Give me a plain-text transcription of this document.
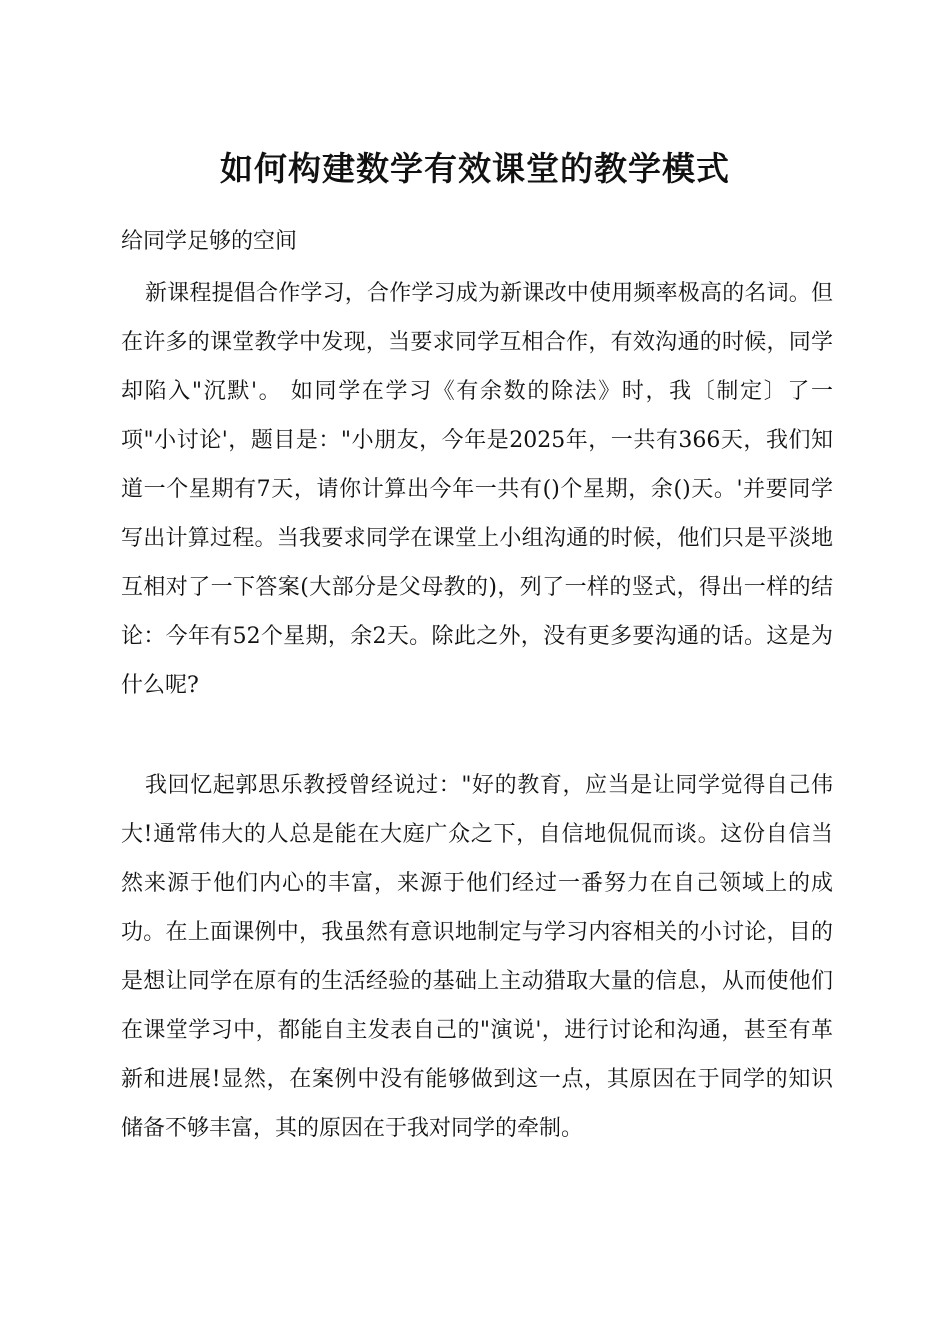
如何构建数学有效课堂的教学模式
给同学足够的空间

新课程提倡合作学习，合作学习成为新课改中使用频率极高的名词。但在许多的课堂教学中发现，当要求同学互相合作，有效沟通的时候，同学却陷入"沉默'。 如同学在学习《有余数的除法》时，我〔制定〕了一项"小讨论'，题目是："小朋友，今年是2025年，一共有366天，我们知道一个星期有7天，请你计算出今年一共有()个星期，余()天。'并要同学写出计算过程。当我要求同学在课堂上小组沟通的时候，他们只是平淡地互相对了一下答案(大部分是父母教的)，列了一样的竖式，得出一样的结论：今年有52个星期，余2天。除此之外，没有更多要沟通的话。这是为什么呢?

我回忆起郭思乐教授曾经说过："好的教育，应当是让同学觉得自己伟大!通常伟大的人总是能在大庭广众之下，自信地侃侃而谈。这份自信当然来源于他们内心的丰富，来源于他们经过一番努力在自己领域上的成功。在上面课例中，我虽然有意识地制定与学习内容相关的小讨论，目的是想让同学在原有的生活经验的基础上主动猎取大量的信息，从而使他们在课堂学习中，都能自主发表自己的"演说'，进行讨论和沟通，甚至有革新和进展!显然，在案例中没有能够做到这一点，其原因在于同学的知识储备不够丰富，其的原因在于我对同学的牵制。
